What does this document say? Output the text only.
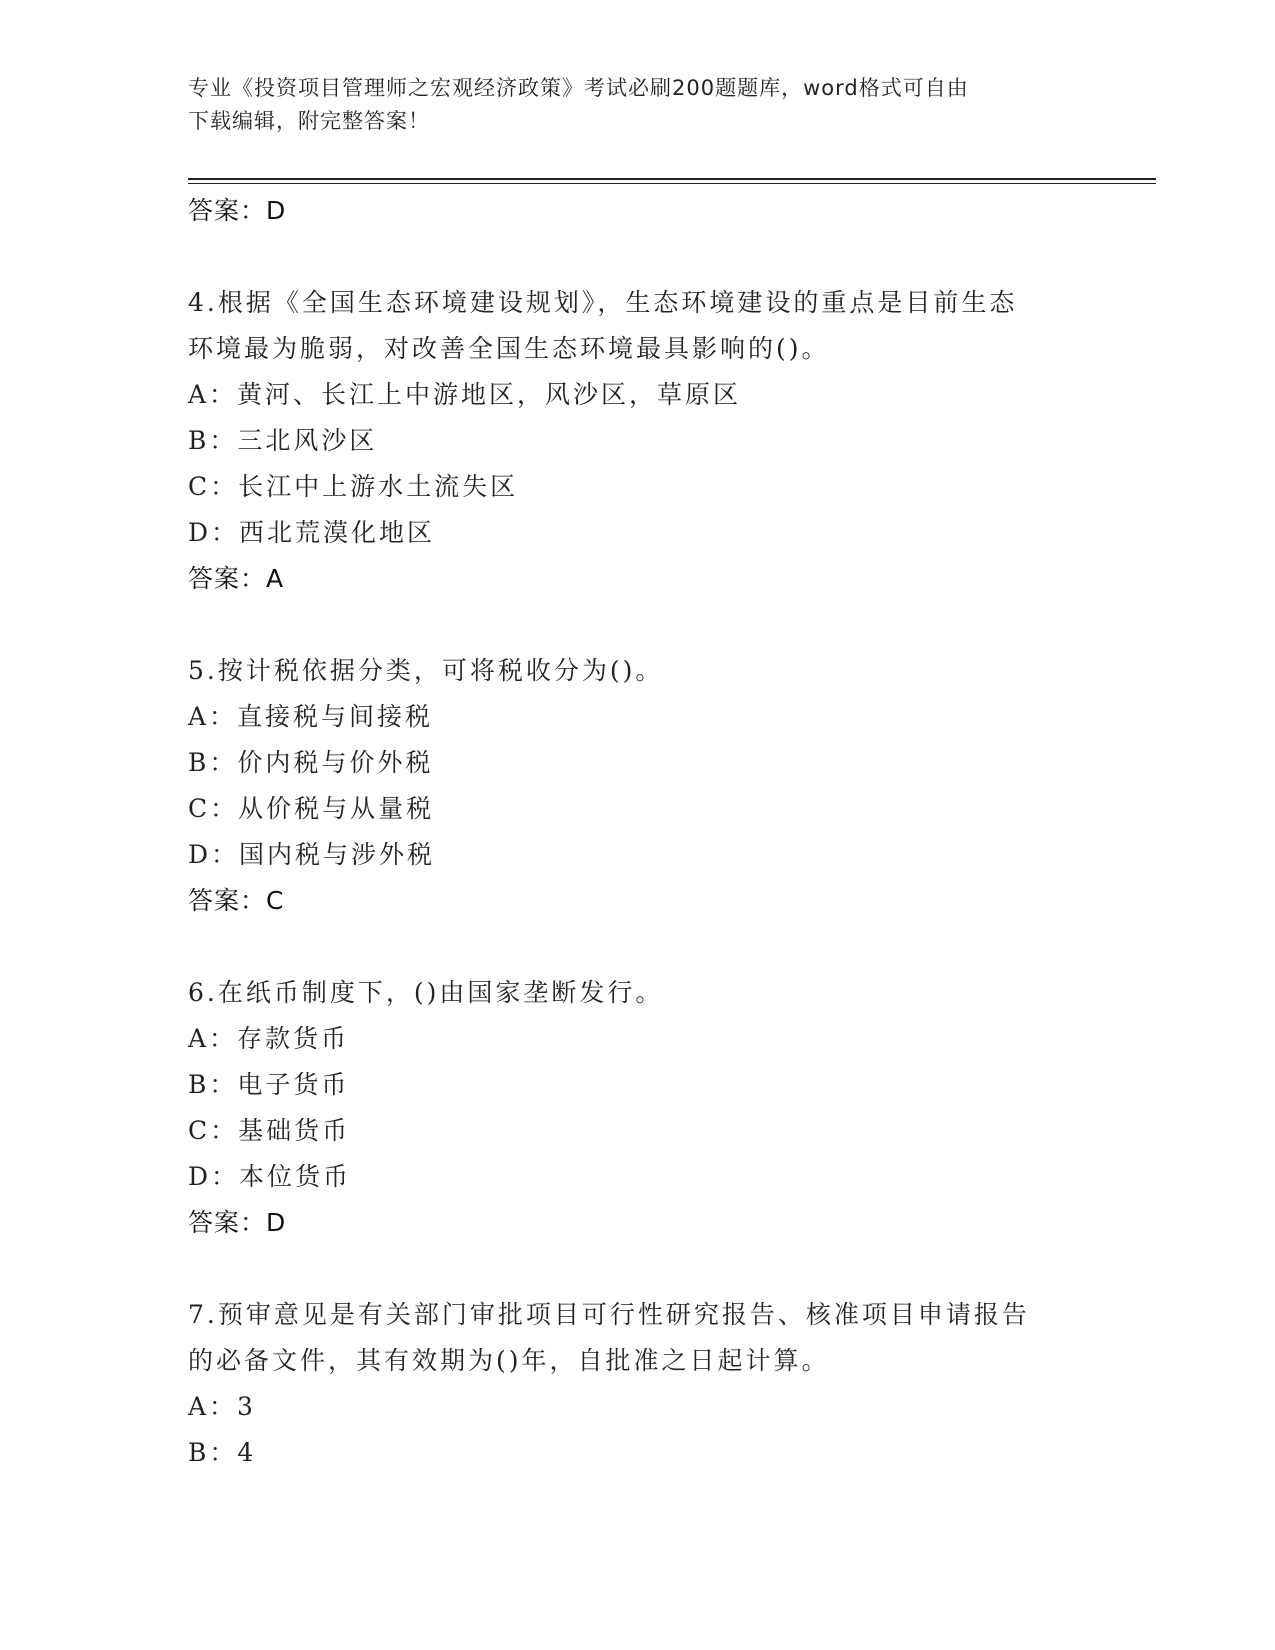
专业《投资项目管理师之宏观经济政策》考试必刷200题题库，word格式可自由
下载编辑，附完整答案！
答案：D
4.根据《全国生态环境建设规划》，生态环境建设的重点是目前生态
环境最为脆弱，对改善全国生态环境最具影响的()。
A：黄河、长江上中游地区，风沙区，草原区
B：三北风沙区
C：长江中上游水土流失区
D：西北荒漠化地区
答案：A
5.按计税依据分类，可将税收分为()。
A：直接税与间接税
B：价内税与价外税
C：从价税与从量税
D：国内税与涉外税
答案：C
6.在纸币制度下，()由国家垄断发行。
A：存款货币
B：电子货币
C：基础货币
D：本位货币
答案：D
7.预审意见是有关部门审批项目可行性研究报告、核准项目申请报告
的必备文件，其有效期为()年，自批准之日起计算。
A：3
B：4
